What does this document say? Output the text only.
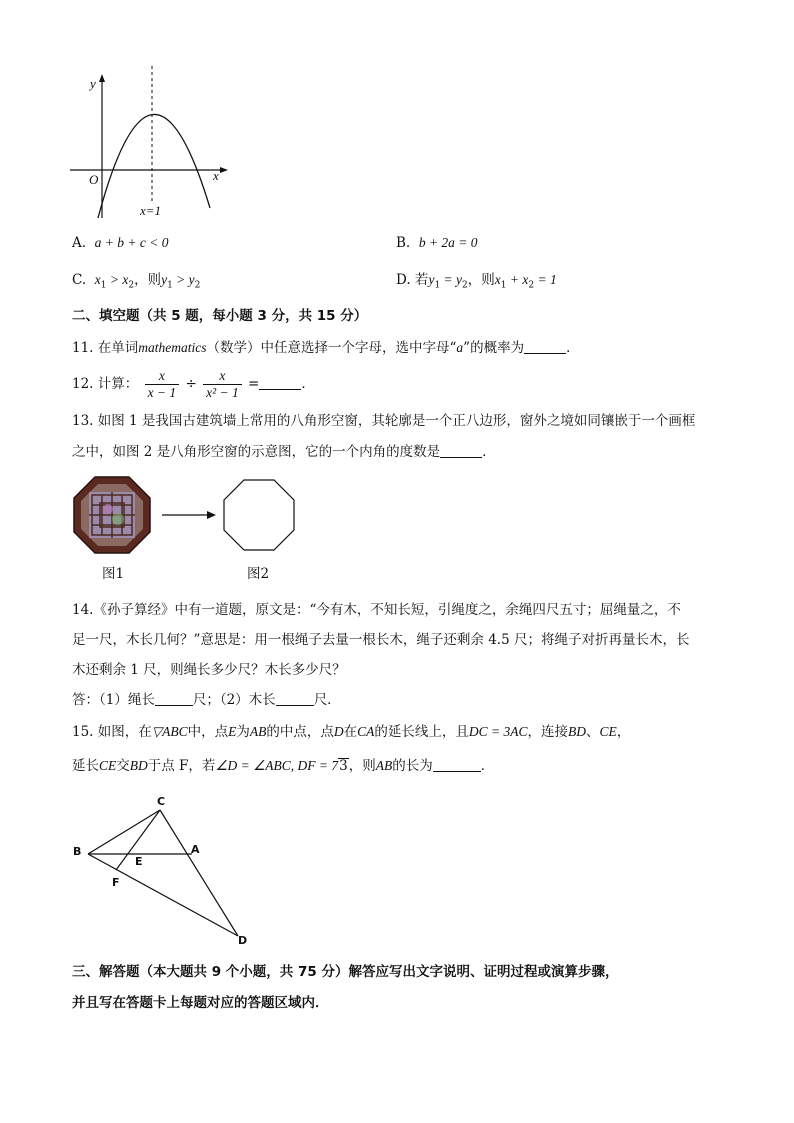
y
x
O
x=1
A. a + b + c < 0	B. b + 2a = 0
C. $x_1 > x_2$，则$y_1 > y_2$	D. 若$y_1 = y_2$，则$x_1 + x_2 = 1$
二、填空题（共 5 题，每小题 3 分，共 15 分）
11. 在单词mathematics（数学）中任意选择一个字母，选中字母“a”的概率为	．
12. 计算： $\frac{x}{x - 1} \div \frac{x}{\text{x² − 1}}$ =	．
13. 如图 1 是我国古建筑墙上常用的八角形空窗，其轮廓是一个正八边形，窗外之境如同镶嵌于一个画框
之中，如图 2 是八角形空窗的示意图，它的一个内角的度数是	．
图1	图2
14.《孙子算经》中有一道题，原文是：“今有木，不知长短，引绳度之，余绳四尺五寸；屈绳量之，不
足一尺，木长几何？”意思是：用一根绳子去量一根长木，绳子还剩余 4.5 尺；将绳子对折再量长木，长
木还剩余 1 尺，则绳长多少尺？木长多少尺？
答：（1）绳长	尺；（2）木长	尺．
15. 如图，在▽ABC中，点E为AB的中点，点D在CA的延长线上，且DC = 3AC，连接BD、CE，
延长CE交BD于点 F，若∠D = ∠ABC, DF = 73，则AB的长为	．
C
B	A
E
F
D
三、解答题（本大题共 9 个小题，共 75 分）解答应写出文字说明、证明过程或演算步骤，
并且写在答题卡上每题对应的答题区域内．
